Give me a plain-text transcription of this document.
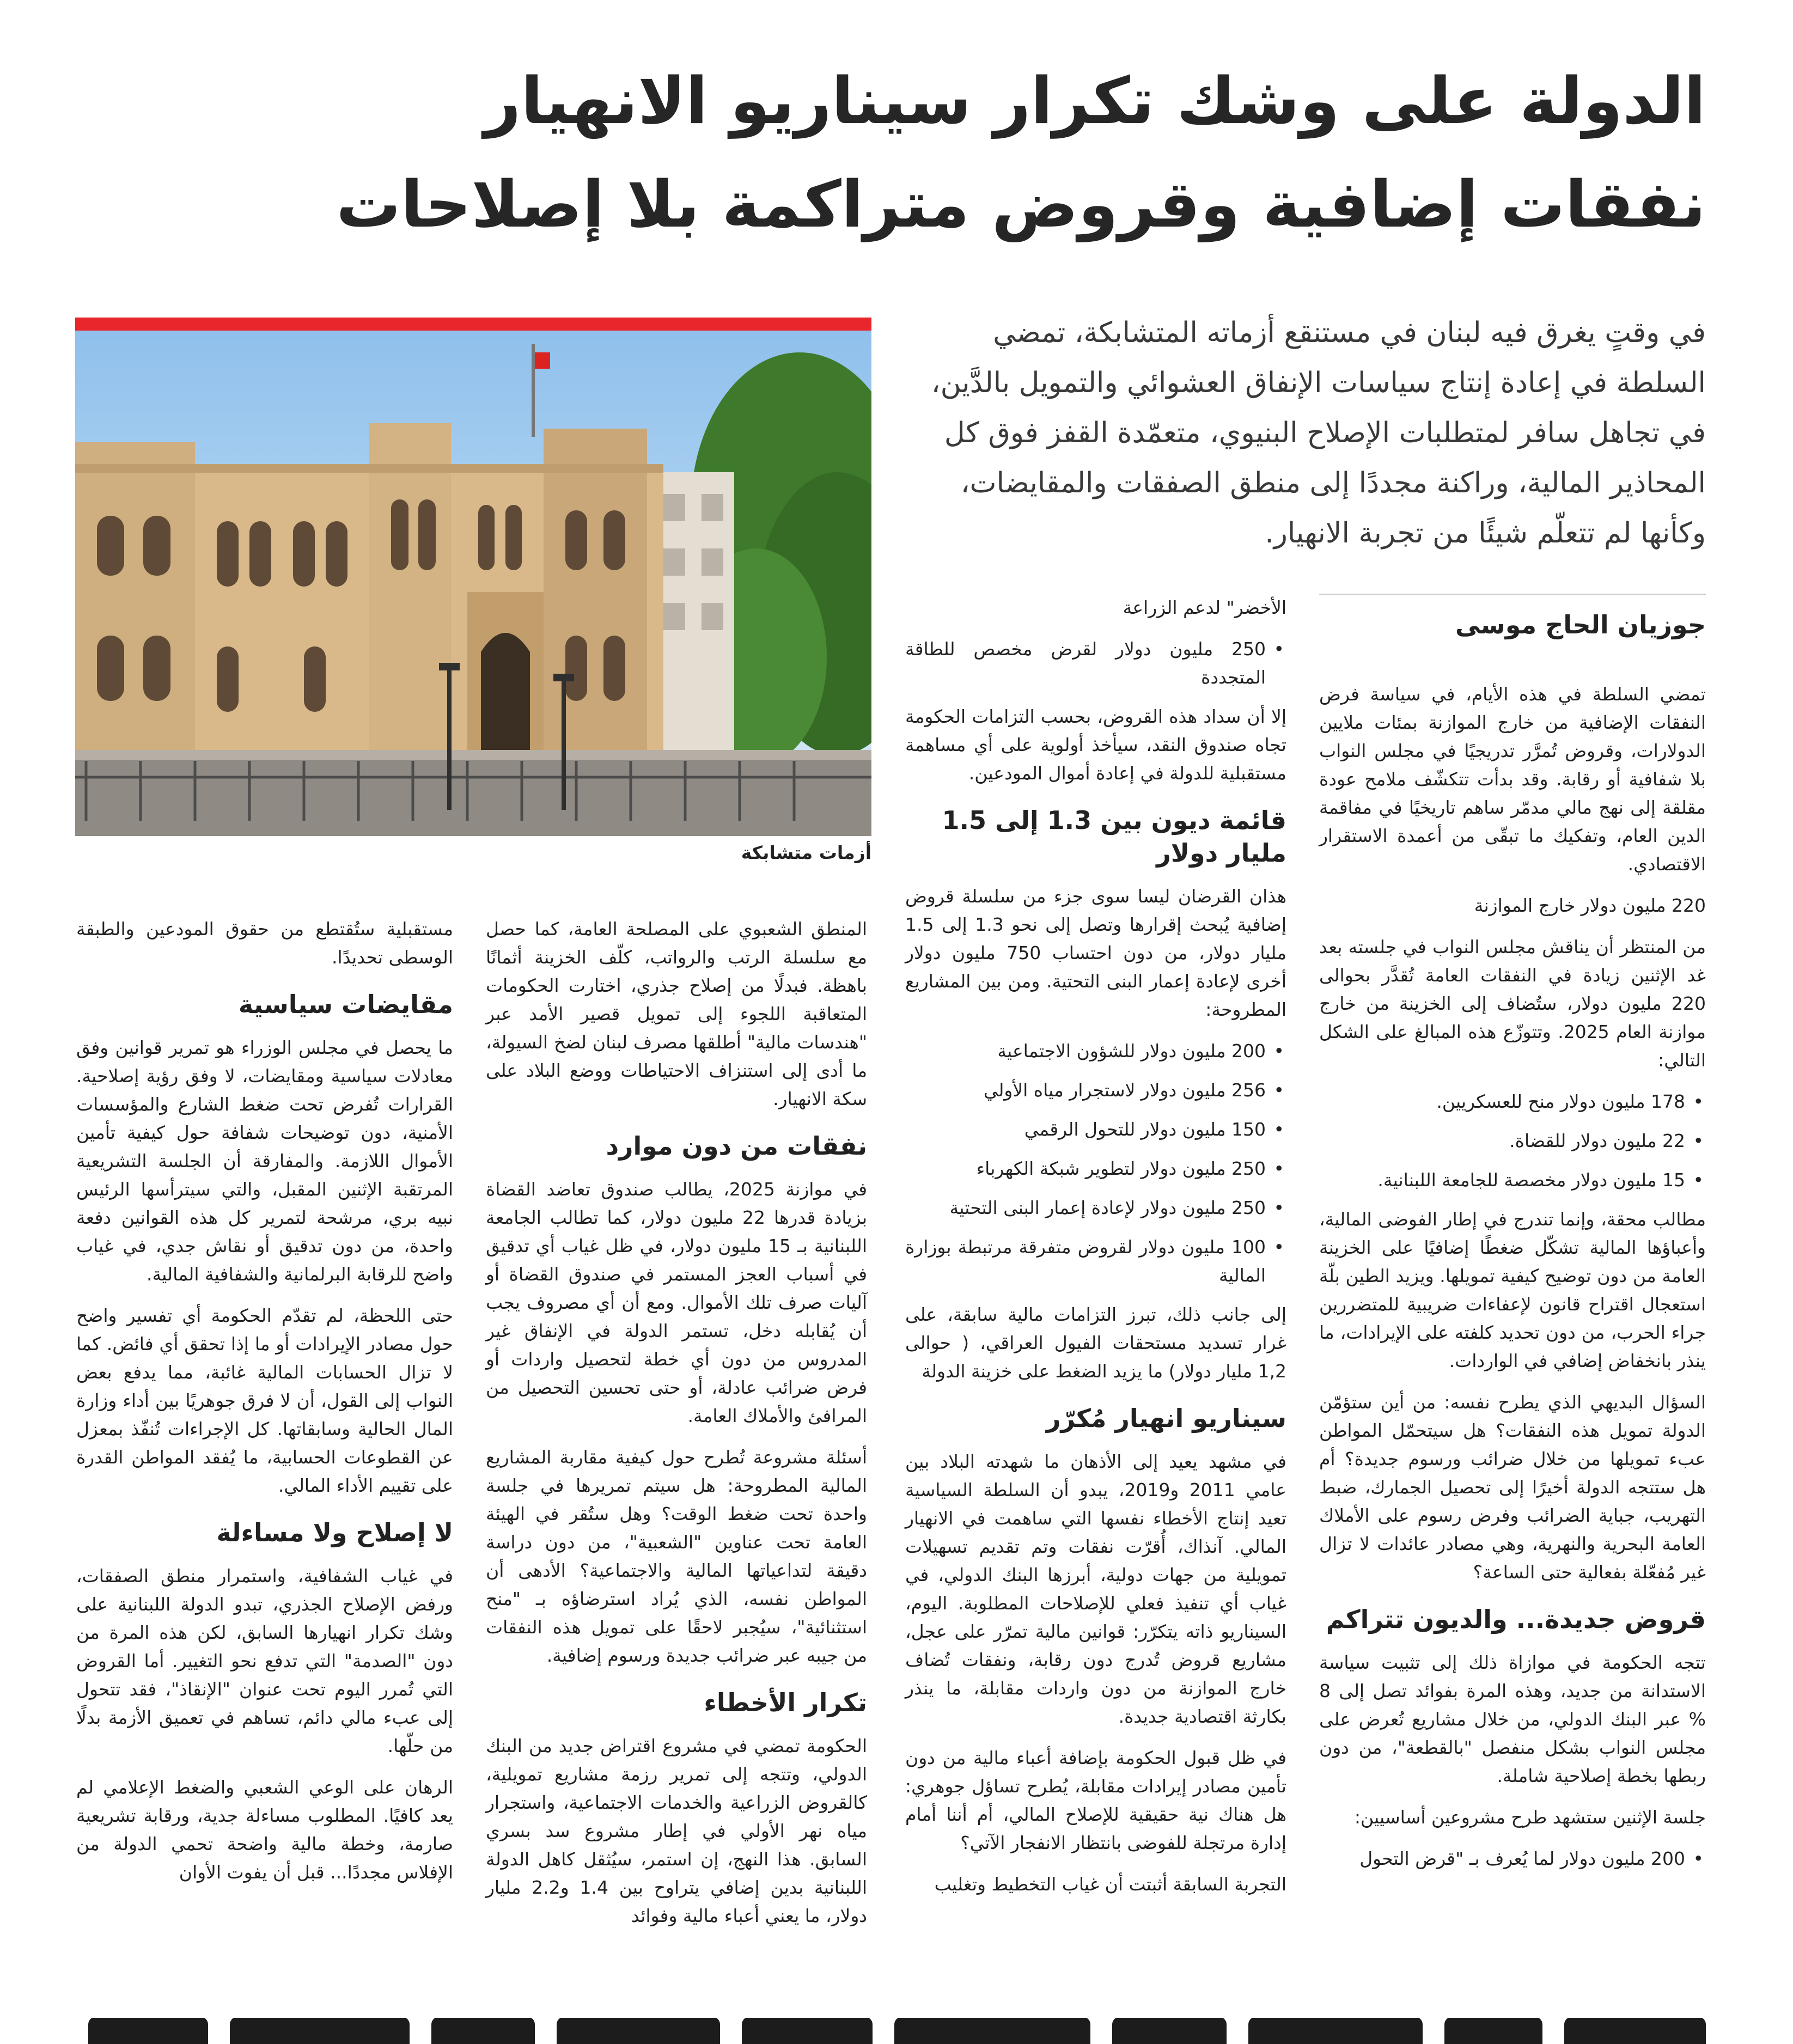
الدولة على وشك تكرار سيناريو الانهيار
نفقات إضافية وقروض متراكمة بلا إصلاحات

في وقتٍ يغرق فيه لبنان في مستنقع أزماته المتشابكة، تمضي السلطة في إعادة إنتاج سياسات الإنفاق العشوائي والتمويل بالدَّين، في تجاهل سافر لمتطلبات الإصلاح البنيوي، متعمّدة القفز فوق كل المحاذير المالية، وراكنة مجددًا إلى منطق الصفقات والمقايضات، وكأنها لم تتعلّم شيئًا من تجربة الانهيار.

أزمات متشابكة

جوزيان الحاج موسى

تمضي السلطة في هذه الأيام، في سياسة فرض النفقات الإضافية من خارج الموازنة بمئات ملايين الدولارات، وقروض تُمرَّر تدريجيًا في مجلس النواب بلا شفافية أو رقابة. وقد بدأت تتكشّف ملامح عودة مقلقة إلى نهج مالي مدمّر ساهم تاريخيًا في مفاقمة الدين العام، وتفكيك ما تبقّى من أعمدة الاستقرار الاقتصادي.

220 مليون دولار خارج الموازنة

من المنتظر أن يناقش مجلس النواب في جلسته بعد غد الإثنين زيادة في النفقات العامة تُقدَّر بحوالى 220 مليون دولار، ستُضاف إلى الخزينة من خارج موازنة العام 2025. وتتوزّع هذه المبالغ على الشكل التالي:

• 178 مليون دولار منح للعسكريين.
• 22 مليون دولار للقضاة.
• 15 مليون دولار مخصصة للجامعة اللبنانية.

مطالب محقة، وإنما تندرج في إطار الفوضى المالية، وأعباؤها المالية تشكّل ضغطًا إضافيًا على الخزينة العامة من دون توضيح كيفية تمويلها. ويزيد الطين بلّة استعجال اقتراح قانون لإعفاءات ضريبية للمتضررين جراء الحرب، من دون تحديد كلفته على الإيرادات، ما ينذر بانخفاض إضافي في الواردات.

السؤال البديهي الذي يطرح نفسه: من أين ستؤمّن الدولة تمويل هذه النفقات؟ هل سيتحمّل المواطن عبء تمويلها من خلال ضرائب ورسوم جديدة؟ أم هل ستتجه الدولة أخيرًا إلى تحصيل الجمارك، ضبط التهريب، جباية الضرائب وفرض رسوم على الأملاك العامة البحرية والنهرية، وهي مصادر عائدات لا تزال غير مُفعّلة بفعالية حتى الساعة؟

قروض جديدة... والديون تتراكم

تتجه الحكومة في موازاة ذلك إلى تثبيت سياسة الاستدانة من جديد، وهذه المرة بفوائد تصل إلى 8 % عبر البنك الدولي، من خلال مشاريع تُعرض على مجلس النواب بشكل منفصل "بالقطعة"، من دون ربطها بخطة إصلاحية شاملة.

جلسة الإثنين ستشهد طرح مشروعين أساسيين:

• 200 مليون دولار لما يُعرف بـ "قرض التحول

الأخضر" لدعم الزراعة

• 250 مليون دولار لقرض مخصص للطاقة المتجددة

إلا أن سداد هذه القروض، بحسب التزامات الحكومة تجاه صندوق النقد، سيأخذ أولوية على أي مساهمة مستقبلية للدولة في إعادة أموال المودعين.

قائمة ديون بين 1.3 إلى 1.5 مليار دولار

هذان القرضان ليسا سوى جزء من سلسلة قروض إضافية يُبحث إقرارها وتصل إلى نحو 1.3 إلى 1.5 مليار دولار، من دون احتساب 750 مليون دولار أخرى لإعادة إعمار البنى التحتية. ومن بين المشاريع المطروحة:

• 200 مليون دولار للشؤون الاجتماعية
• 256 مليون دولار لاستجرار مياه الأولي
• 150 مليون دولار للتحول الرقمي
• 250 مليون دولار لتطوير شبكة الكهرباء
• 250 مليون دولار لإعادة إعمار البنى التحتية
• 100 مليون دولار لقروض متفرقة مرتبطة بوزارة المالية

إلى جانب ذلك، تبرز التزامات مالية سابقة، على غرار تسديد مستحقات الفيول العراقي، ( حوالى 1,2 مليار دولار) ما يزيد الضغط على خزينة الدولة

سيناريو انهيار مُكرّر

في مشهد يعيد إلى الأذهان ما شهدته البلاد بين عامي 2011 و2019، يبدو أن السلطة السياسية تعيد إنتاج الأخطاء نفسها التي ساهمت في الانهيار المالي. آنذاك، أُقرّت نفقات وتم تقديم تسهيلات تمويلية من جهات دولية، أبرزها البنك الدولي، في غياب أي تنفيذ فعلي للإصلاحات المطلوبة. اليوم، السيناريو ذاته يتكرّر: قوانين مالية تمرّر على عجل، مشاريع قروض تُدرج دون رقابة، ونفقات تُضاف خارج الموازنة من دون واردات مقابلة، ما ينذر بكارثة اقتصادية جديدة.

في ظل قبول الحكومة بإضافة أعباء مالية من دون تأمين مصادر إيرادات مقابلة، يُطرح تساؤل جوهري: هل هناك نية حقيقية للإصلاح المالي، أم أننا أمام إدارة مرتجلة للفوضى بانتظار الانفجار الآتي؟

التجربة السابقة أثبتت أن غياب التخطيط وتغليب

المنطق الشعبوي على المصلحة العامة، كما حصل مع سلسلة الرتب والرواتب، كلّف الخزينة أثمانًا باهظة. فبدلًا من إصلاح جذري، اختارت الحكومات المتعاقبة اللجوء إلى تمويل قصير الأمد عبر "هندسات مالية" أطلقها مصرف لبنان لضخ السيولة، ما أدى إلى استنزاف الاحتياطات ووضع البلاد على سكة الانهيار.

نفقات من دون موارد

في موازنة 2025، يطالب صندوق تعاضد القضاة بزيادة قدرها 22 مليون دولار، كما تطالب الجامعة اللبنانية بـ 15 مليون دولار، في ظل غياب أي تدقيق في أسباب العجز المستمر في صندوق القضاة أو آليات صرف تلك الأموال. ومع أن أي مصروف يجب أن يُقابله دخل، تستمر الدولة في الإنفاق غير المدروس من دون أي خطة لتحصيل واردات أو فرض ضرائب عادلة، أو حتى تحسين التحصيل من المرافئ والأملاك العامة.

أسئلة مشروعة تُطرح حول كيفية مقاربة المشاريع المالية المطروحة: هل سيتم تمريرها في جلسة واحدة تحت ضغط الوقت؟ وهل ستُقر في الهيئة العامة تحت عناوين "الشعبية"، من دون دراسة دقيقة لتداعياتها المالية والاجتماعية؟ الأدهى أن المواطن نفسه، الذي يُراد استرضاؤه بـ "منح استثنائية"، سيُجبر لاحقًا على تمويل هذه النفقات من جيبه عبر ضرائب جديدة ورسوم إضافية.

تكرار الأخطاء

الحكومة تمضي في مشروع اقتراض جديد من البنك الدولي، وتتجه إلى تمرير رزمة مشاريع تمويلية، كالقروض الزراعية والخدمات الاجتماعية، واستجرار مياه نهر الأولي في إطار مشروع سد بسري السابق. هذا النهج، إن استمر، سيُثقل كاهل الدولة اللبنانية بدين إضافي يتراوح بين 1.4 و2.2 مليار دولار، ما يعني أعباء مالية وفوائد

مستقبلية ستُقتطع من حقوق المودعين والطبقة الوسطى تحديدًا.

مقايضات سياسية

ما يحصل في مجلس الوزراء هو تمرير قوانين وفق معادلات سياسية ومقايضات، لا وفق رؤية إصلاحية. القرارات تُفرض تحت ضغط الشارع والمؤسسات الأمنية، دون توضيحات شفافة حول كيفية تأمين الأموال اللازمة. والمفارقة أن الجلسة التشريعية المرتقبة الإثنين المقبل، والتي سيترأسها الرئيس نبيه بري، مرشحة لتمرير كل هذه القوانين دفعة واحدة، من دون تدقيق أو نقاش جدي، في غياب واضح للرقابة البرلمانية والشفافية المالية.

حتى اللحظة، لم تقدّم الحكومة أي تفسير واضح حول مصادر الإيرادات أو ما إذا تحقق أي فائض. كما لا تزال الحسابات المالية غائبة، مما يدفع بعض النواب إلى القول، أن لا فرق جوهريًا بين أداء وزارة المال الحالية وسابقاتها. كل الإجراءات تُنفّذ بمعزل عن القطوعات الحسابية، ما يُفقد المواطن القدرة على تقييم الأداء المالي.

لا إصلاح ولا مساءلة

في غياب الشفافية، واستمرار منطق الصفقات، ورفض الإصلاح الجذري، تبدو الدولة اللبنانية على وشك تكرار انهيارها السابق، لكن هذه المرة من دون "الصدمة" التي تدفع نحو التغيير. أما القروض التي تُمرر اليوم تحت عنوان "الإنقاذ"، فقد تتحول إلى عبء مالي دائم، تساهم في تعميق الأزمة بدلًا من حلّها.

الرهان على الوعي الشعبي والضغط الإعلامي لم يعد كافيًا. المطلوب مساءلة جدية، ورقابة تشريعية صارمة، وخطة مالية واضحة تحمي الدولة من الإفلاس مجددًا... قبل أن يفوت الأوان
